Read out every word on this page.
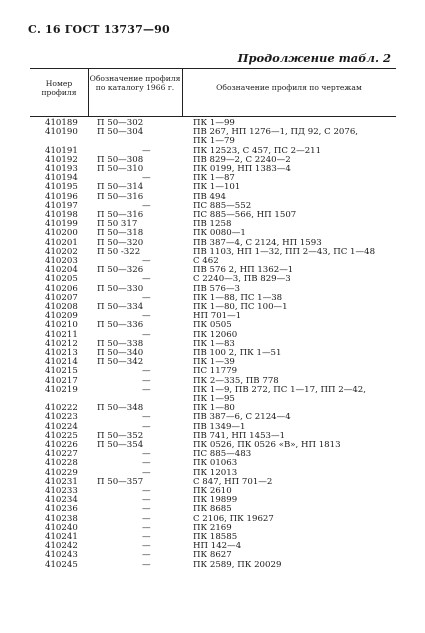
С. 16 ГОСТ 13737—90
Продолжение табл. 2
Номер профиля
Обозначение профиля по каталогу 1966 г.	Обозначение профиля по чертежам
410189	П 50—302	ПК 1—99
410190	П 50—304	ПВ 267, НП 1276—1, ПД 92, С 2076,
ПК 1—79
410191	—	ПК 12523, С 457, ПС 2—211
410192	П 50—308	ПВ 829—2, С 2240—2
410193	П 50—310	ПК 0199, НП 1383—4
410194	—	ПК 1—87
410195	П 50—314	ПК 1—101
410196	П 50—316	ПВ 494
410197	—	ПС 885—552
410198	П 50—316	ПС 885—566, НП 1507
410199	П 50 317	ПВ 1258
410200	П 50—318	ПК 0080—1
410201	П 50—320	ПВ 387—4, С 2124, НП 1593
410202	П 50 -322	ПВ 1103, НП 1—32, ПП 2—43, ПС 1—48
410203	—	С 462
410204	П 50—326	ПВ 576 2, НП 1362—1
410205	—	С 2240—3, ПВ 829—3
410206	П 50—330	ПВ 576—3
410207	—	ПК 1—88, ПС 1—38
410208	П 50—334	ПК 1—80, ПС 100—1
410209	—	НП 701—1
410210	П 50—336	ПК 0505
410211	—	ПК 12060
410212	П 50—338	ПК 1—83
410213	П 50—340	ПВ 100 2, ПК 1—51
410214	П 50—342	ПК 1—39
410215	—	ПС 11779
410217	—	ПК 2—335, ПВ 778
410219	—	ПК 1—9, ПВ 272, ПС 1—17, ПП 2—42,
ПК 1—95
410222	П 50—348	ПК 1—80
410223	—	ПВ 387—6, С 2124—4
410224	—	ПВ 1349—1
410225	П 50—352	ПВ 741, НП 1453—1
410226	П 50—354	ПК 0526, ПК 0526 «В», НП 1813
410227	—	ПС 885—483
410228	—	ПК 01063
410229	—	ПК 12013
410231	П 50—357	С 847, НП 701—2
410233	—	ПК 2610
410234	—	ПК 19899
410236	—	ПК 8685
410238	—	С 2106, ПК 19627
410240	—	ПК 2169
410241	—	ПК 18585
410242	—	НП 142—4
410243	—	ПК 8627
410245	—	ПК 2589, ПК 20029
